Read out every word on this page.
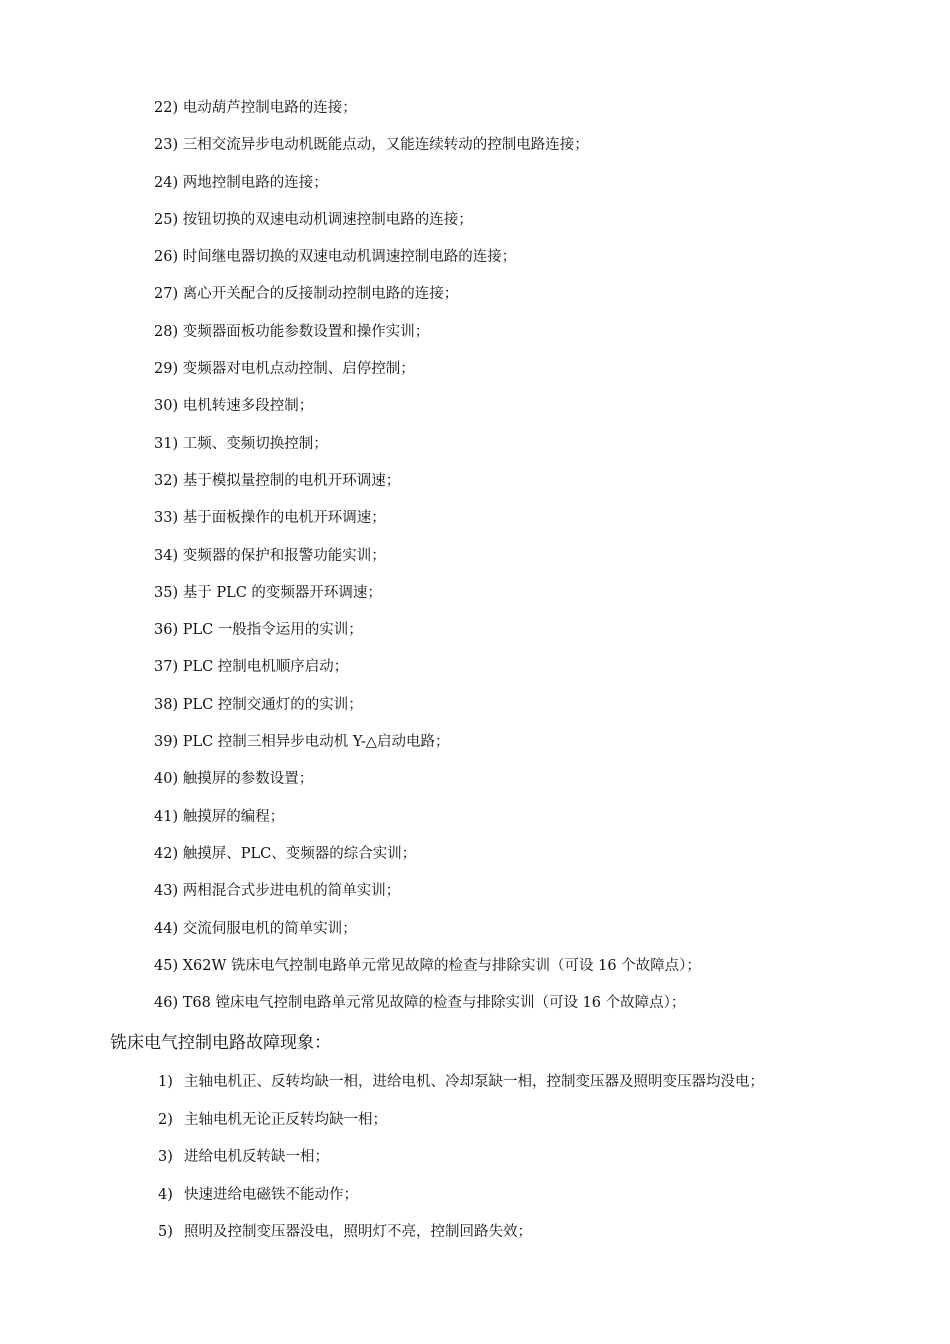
22) 电动葫芦控制电路的连接；
23) 三相交流异步电动机既能点动，又能连续转动的控制电路连接；
24) 两地控制电路的连接；
25) 按钮切换的双速电动机调速控制电路的连接；
26) 时间继电器切换的双速电动机调速控制电路的连接；
27) 离心开关配合的反接制动控制电路的连接；
28) 变频器面板功能参数设置和操作实训；
29) 变频器对电机点动控制、启停控制；
30) 电机转速多段控制；
31) 工频、变频切换控制；
32) 基于模拟量控制的电机开环调速；
33) 基于面板操作的电机开环调速；
34) 变频器的保护和报警功能实训；
35) 基于 PLC 的变频器开环调速；
36) PLC 一般指令运用的实训；
37) PLC 控制电机顺序启动；
38) PLC 控制交通灯的的实训；
39) PLC 控制三相异步电动机 Y-△启动电路；
40) 触摸屏的参数设置；
41) 触摸屏的编程；
42) 触摸屏、PLC、变频器的综合实训；
43) 两相混合式步进电机的简单实训；
44) 交流伺服电机的简单实训；
45) X62W 铣床电气控制电路单元常见故障的检查与排除实训（可设 16 个故障点）；
46) T68 镗床电气控制电路单元常见故障的检查与排除实训（可设 16 个故障点）；
铣床电气控制电路故障现象：
1) 主轴电机正、反转均缺一相，进给电机、冷却泵缺一相，控制变压器及照明变压器均没电；
2) 主轴电机无论正反转均缺一相；
3) 进给电机反转缺一相；
4) 快速进给电磁铁不能动作；
5) 照明及控制变压器没电，照明灯不亮，控制回路失效；
